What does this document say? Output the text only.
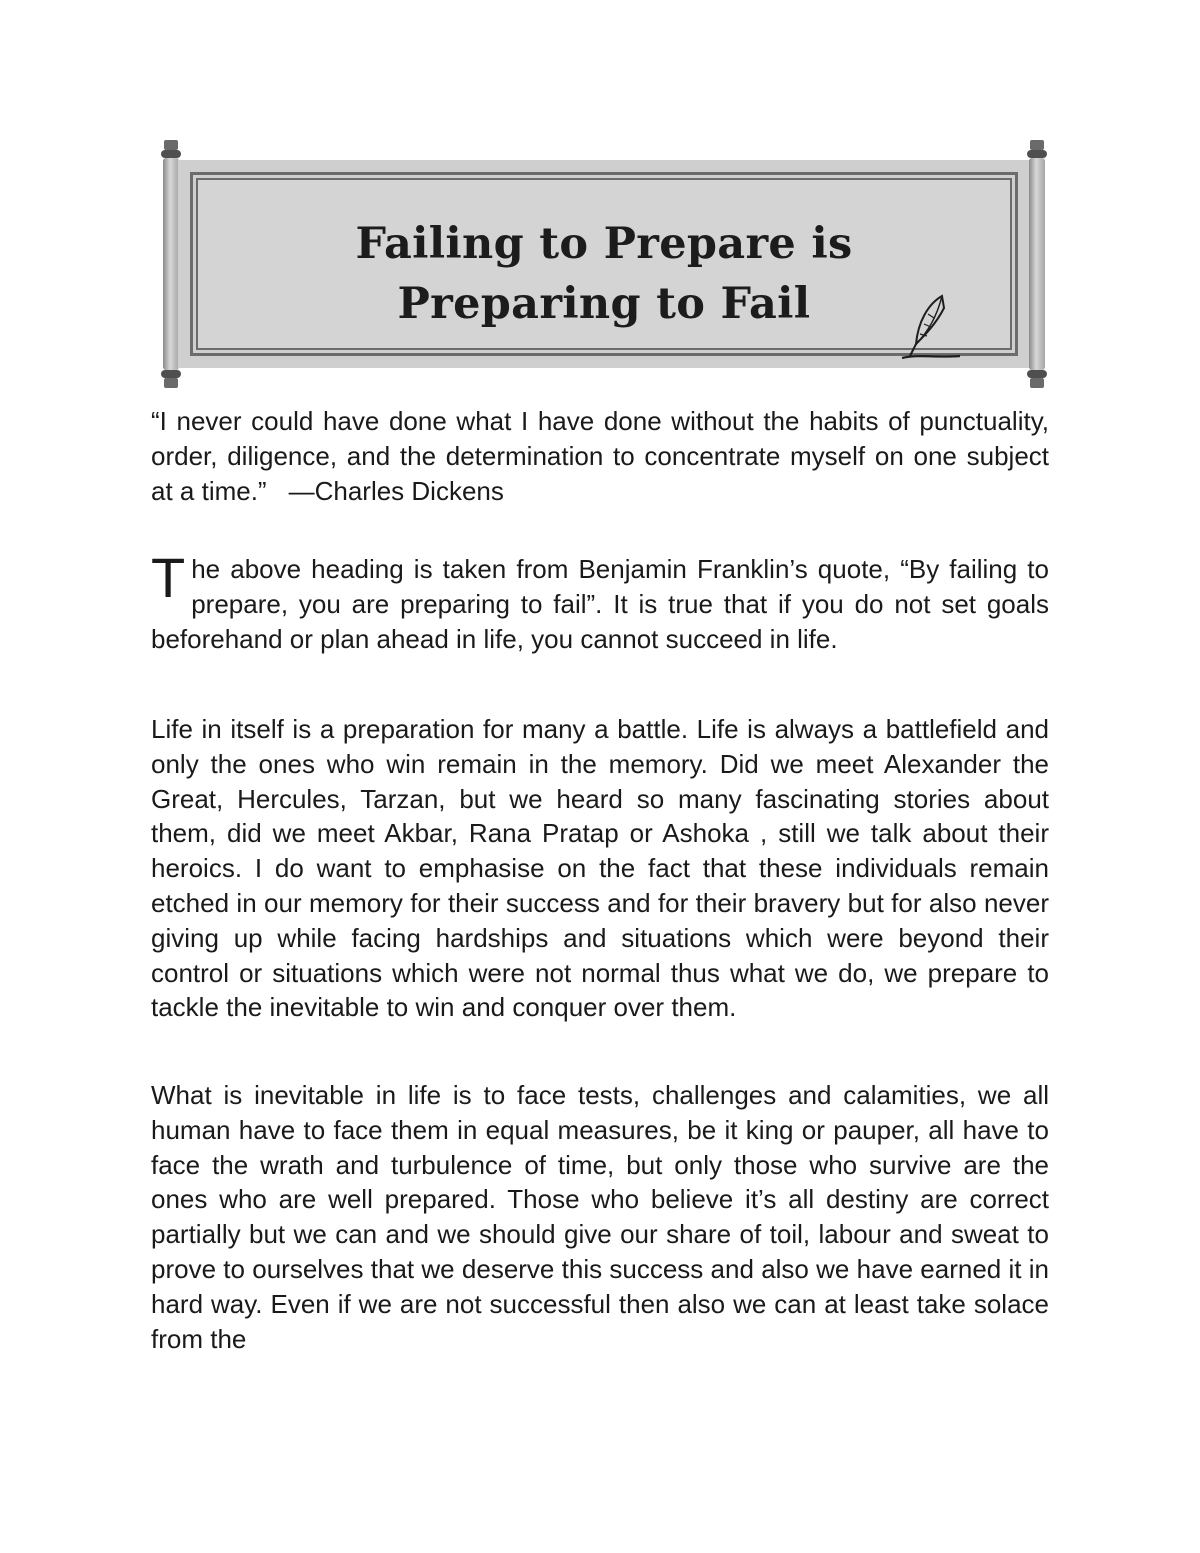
Failing to Prepare is
Preparing to Fail

“I never could have done what I have done without the habits of punctuality, order, diligence, and the determination to concentrate myself on one subject at a time.” —Charles Dickens

The above heading is taken from Benjamin Franklin’s quote, “By failing to prepare, you are preparing to fail”. It is true that if you do not set goals beforehand or plan ahead in life, you cannot succeed in life.

Life in itself is a preparation for many a battle. Life is always a battlefield and only the ones who win remain in the memory. Did we meet Alexander the Great, Hercules, Tarzan, but we heard so many fascinating stories about them, did we meet Akbar, Rana Pratap or Ashoka , still we talk about their heroics. I do want to emphasise on the fact that these individuals remain etched in our memory for their success and for their bravery but for also never giving up while facing hardships and situations which were beyond their control or situations which were not normal thus what we do, we prepare to tackle the inevitable to win and conquer over them.

What is inevitable in life is to face tests, challenges and calamities, we all human have to face them in equal measures, be it king or pauper, all have to face the wrath and turbulence of time, but only those who survive are the ones who are well prepared. Those who believe it’s all destiny are correct partially but we can and we should give our share of toil, labour and sweat to prove to ourselves that we deserve this success and also we have earned it in hard way. Even if we are not successful then also we can at least take solace from the
